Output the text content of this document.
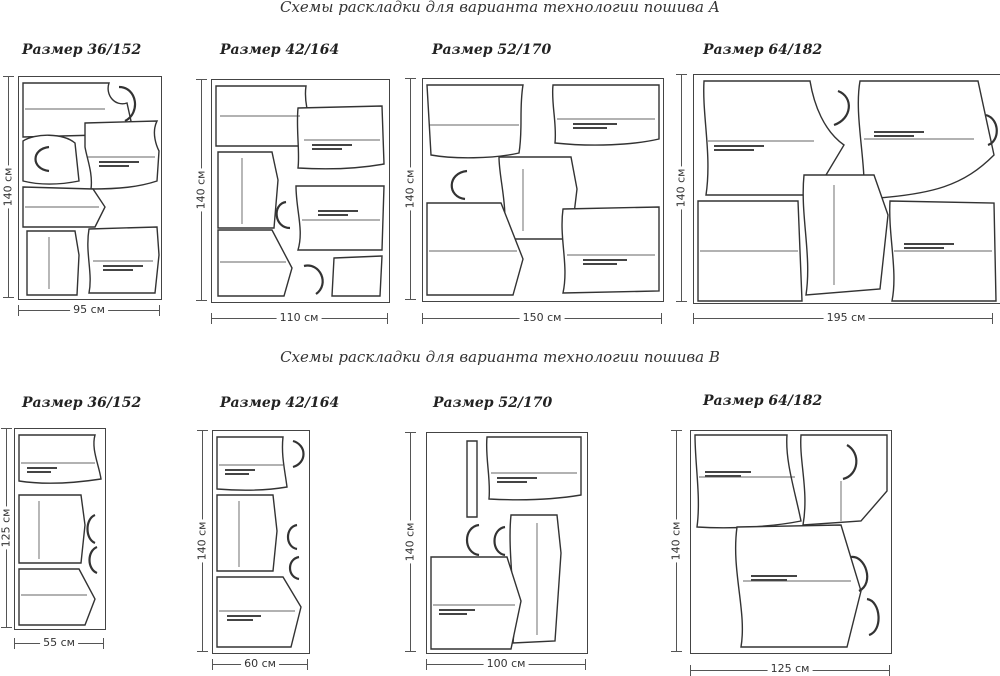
Схемы раскладки для варианта технологии пошива А
Схемы раскладки для варианта технологии пошива В
Размер 36/152
140 см
95 см
Размер 42/164
140 см
110 см
Размер 52/170
140 см
150 см
Размер 64/182
140 см
195 см
Размер 36/152
125 см
55 см
Размер 42/164
140 см
60 см
Размер 52/170
140 см
100 см
Размер 64/182
140 см
125 см
